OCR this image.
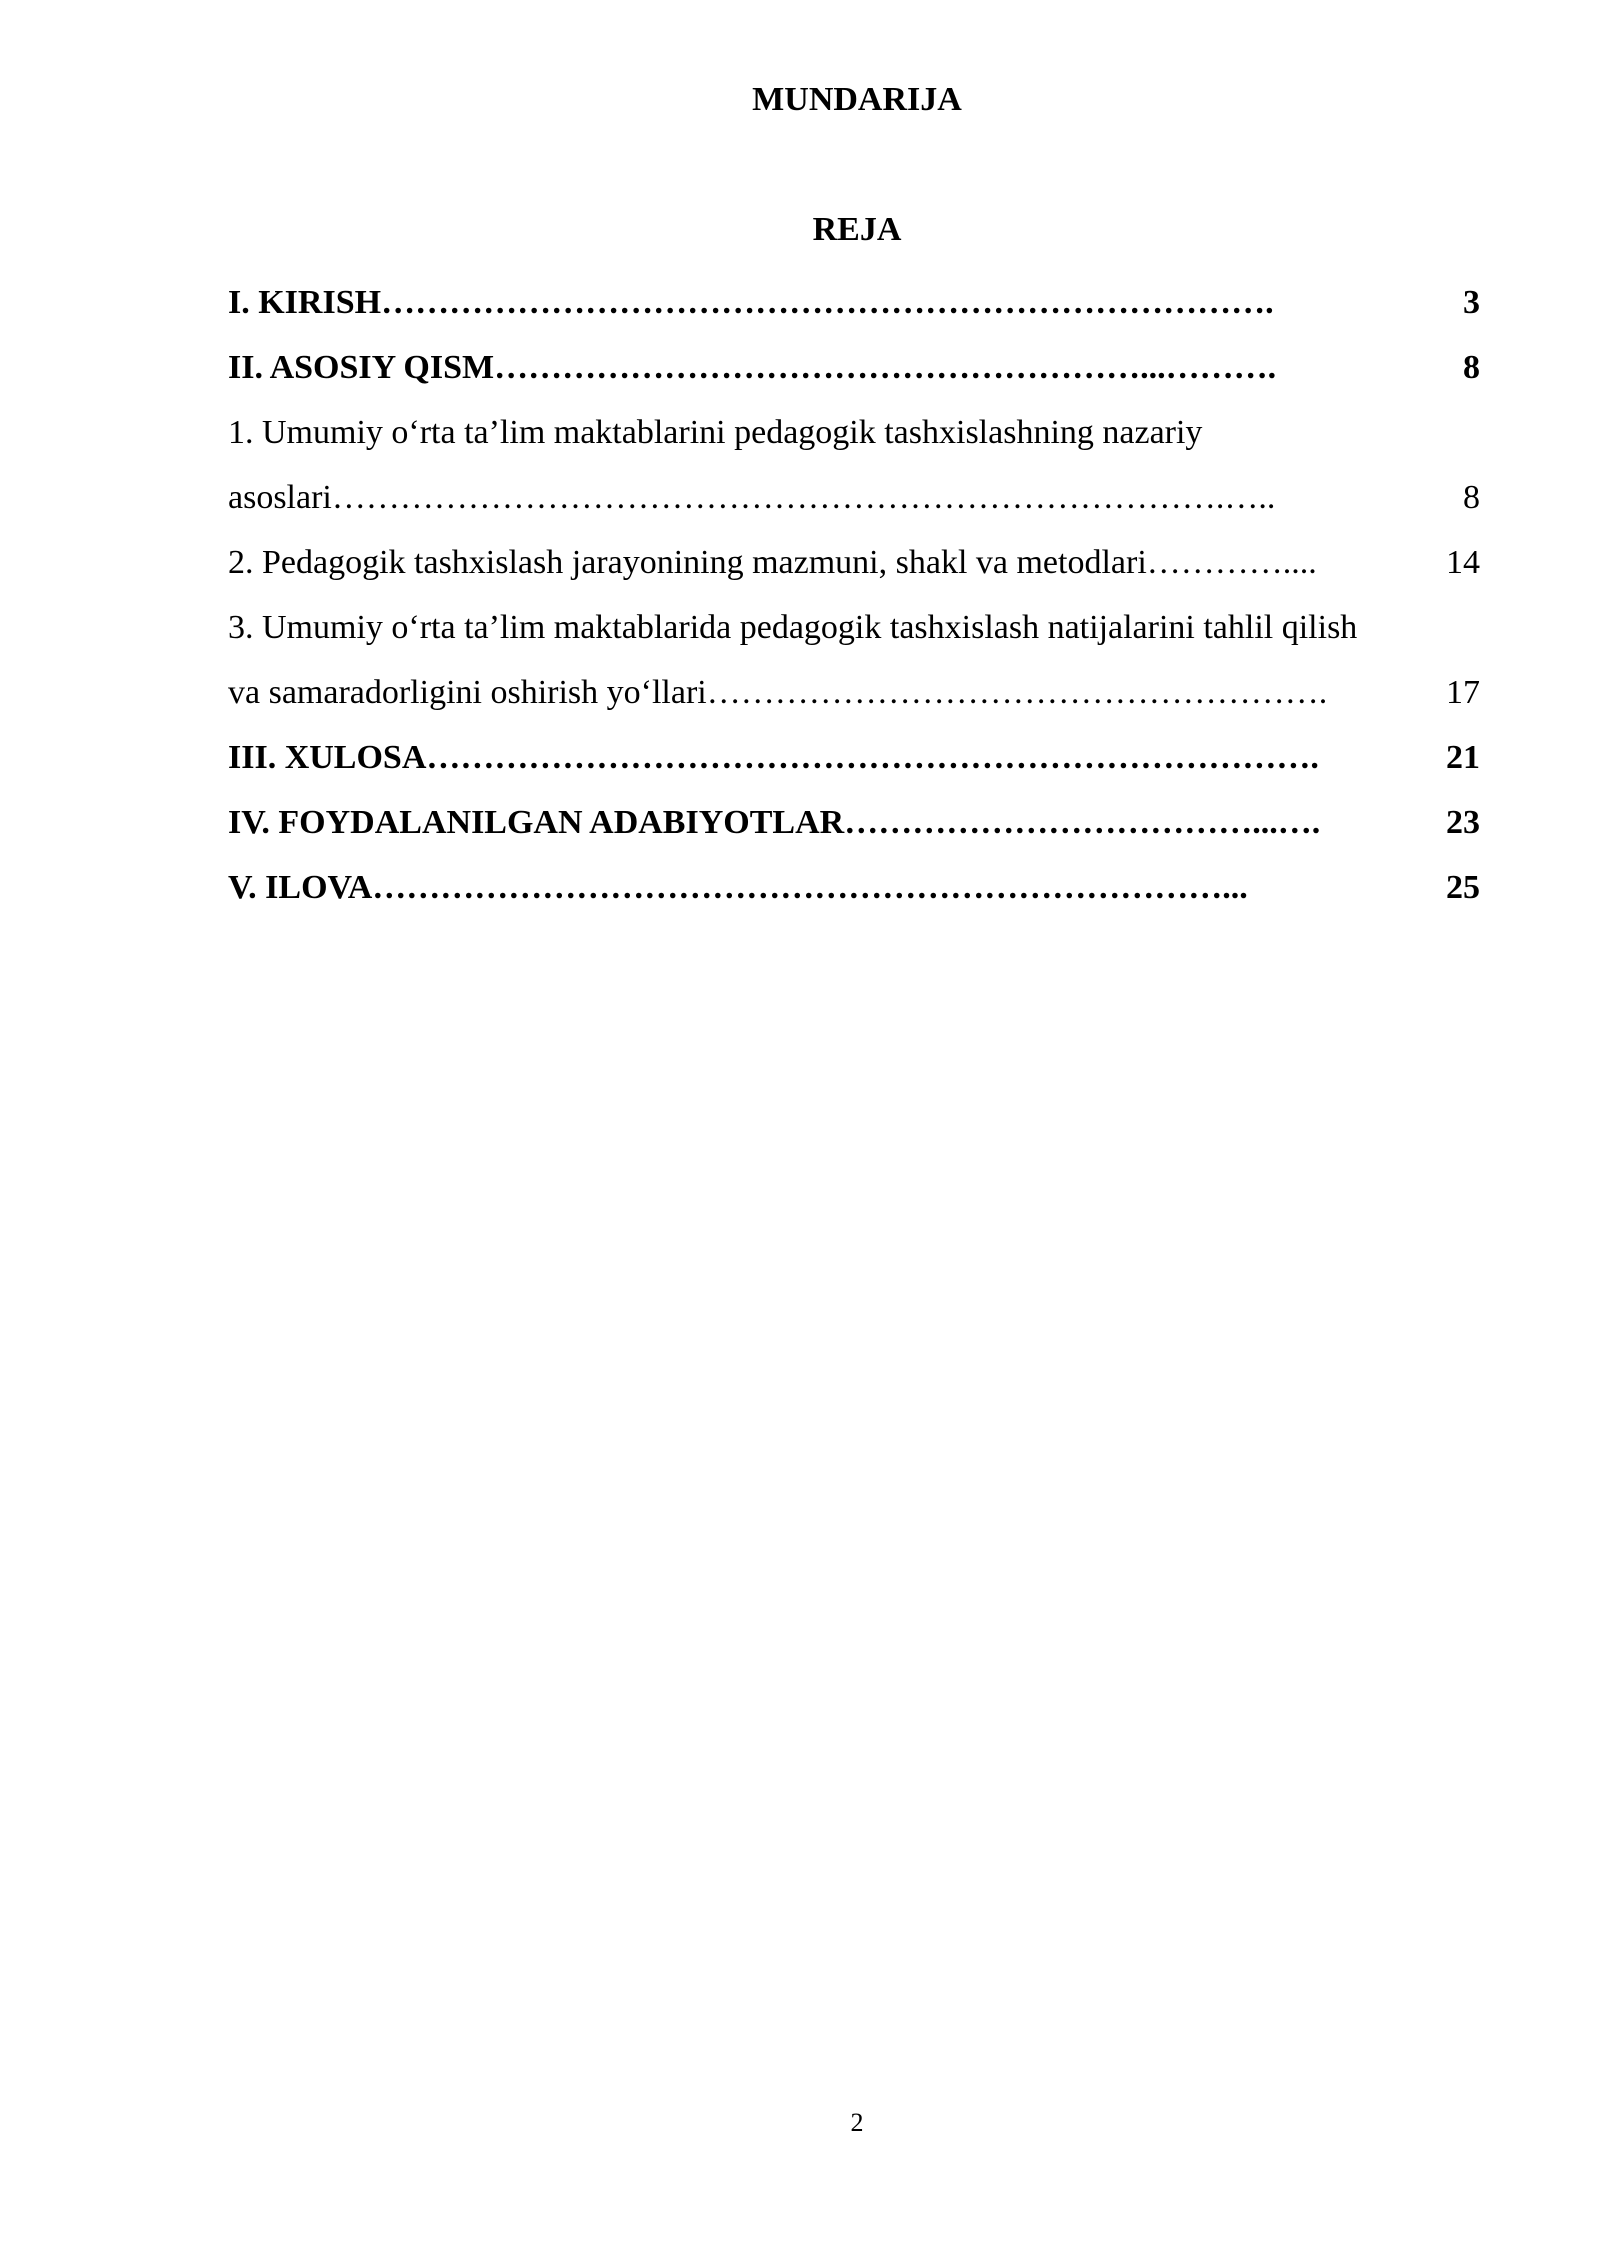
MUNDARIJA
REJA
I. KIRISH …………………………………………………………………….	3
II. ASOSIY QISM …………………………………………………...……….	8
1. Umumiy o‘rta ta’lim maktablarini pedagogik tashxislashning nazariy
asoslari …………………………………………………………………….…..	8
2. Pedagogik tashxislash jarayonining mazmuni, shakl va metodlari …………....	14
3. Umumiy o‘rta ta’lim maktablarida pedagogik tashxislash natijalarini tahlil qilish
va samaradorligini oshirish yo‘llari ……………………………………………….	17
III. XULOSA …………………………………………………………………….	21
IV. FOYDALANILGAN ADABIYOTLAR ………………………………...….	23
V. ILOVA …………………………………………………………………...	25
2
